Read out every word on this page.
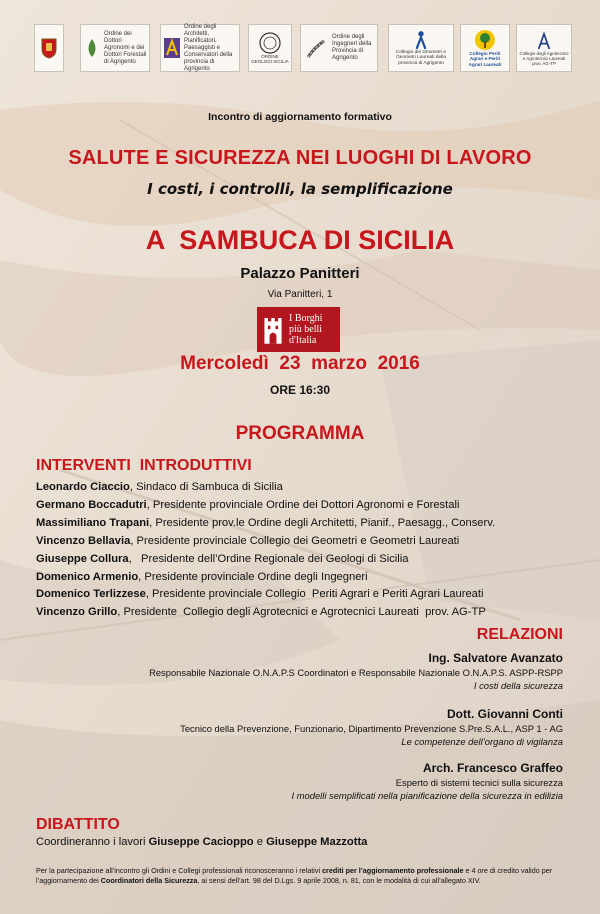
Ordine dei Dottori Agronomi e dei Dottori Forestali di Agrigento
Ordine degli Architetti, Pianificatori, Paesaggisti e Conservatori della provincia di Agrigento
ORDINE GEOLOGI SICILIA
Ordine degli Ingegneri della Provincia di Agrigento
Collegio dei Geometri e Geometri Laureati della provincia di Agrigento
Collegio Periti Agrari e Periti Agrari Laureati
Collegio degli Agrotecnici e Agrotecnici Laureati prov. AG-TP
Incontro di aggiornamento formativo
SALUTE E SICUREZZA NEI LUOGHI DI LAVORO
I costi, i controlli, la semplificazione
A  SAMBUCA DI SICILIA
Palazzo Panitteri
Via Panitteri, 1
I Borghi
più belli
d'Italia
Mercoledì  23  marzo  2016
ORE 16:30
PROGRAMMA
INTERVENTI  INTRODUTTIVI
Leonardo Ciaccio, Sindaco di Sambuca di Sicilia
Germano Boccadutri, Presidente provinciale Ordine dei Dottori Agronomi e Forestali
Massimiliano Trapani, Presidente prov.le Ordine degli Architetti, Pianif., Paesagg., Conserv.
Vincenzo Bellavia, Presidente provinciale Collegio dei Geometri e Geometri Laureati
Giuseppe Collura,   Presidente dell’Ordine Regionale dei Geologi di Sicilia
Domenico Armenio, Presidente provinciale Ordine degli Ingegneri
Domenico Terlizzese, Presidente provinciale Collegio  Periti Agrari e Periti Agrari Laureati
Vincenzo Grillo, Presidente  Collegio degli Agrotecnici e Agrotecnici Laureati  prov. AG-TP
RELAZIONI
Ing. Salvatore Avanzato
Responsabile Nazionale O.N.A.P.S Coordinatori e Responsabile Nazionale O.N.A.P.S. ASPP-RSPP
I costi della sicurezza
Dott. Giovanni Conti
Tecnico della Prevenzione, Funzionario, Dipartimento Prevenzione S.Pre.S.A.L., ASP 1 - AG
Le competenze dell’organo di vigilanza
Arch. Francesco Graffeo
Esperto di sistemi tecnici sulla sicurezza
I modelli semplificati nella pianificazione della sicurezza in edilizia
DIBATTITO
Coordineranno i lavori Giuseppe Cacioppo e Giuseppe Mazzotta
Per la partecipazione all’incontro gli Ordini e Collegi professionali riconosceranno i relativi crediti per l’aggiornamento professionale e 4 ore di credito valido per l’aggiornamento dei Coordinatori della Sicurezza, ai sensi dell’art. 98 del D.Lgs. 9 aprile 2008, n. 81, con le modalità di cui all’allegato XIV.
